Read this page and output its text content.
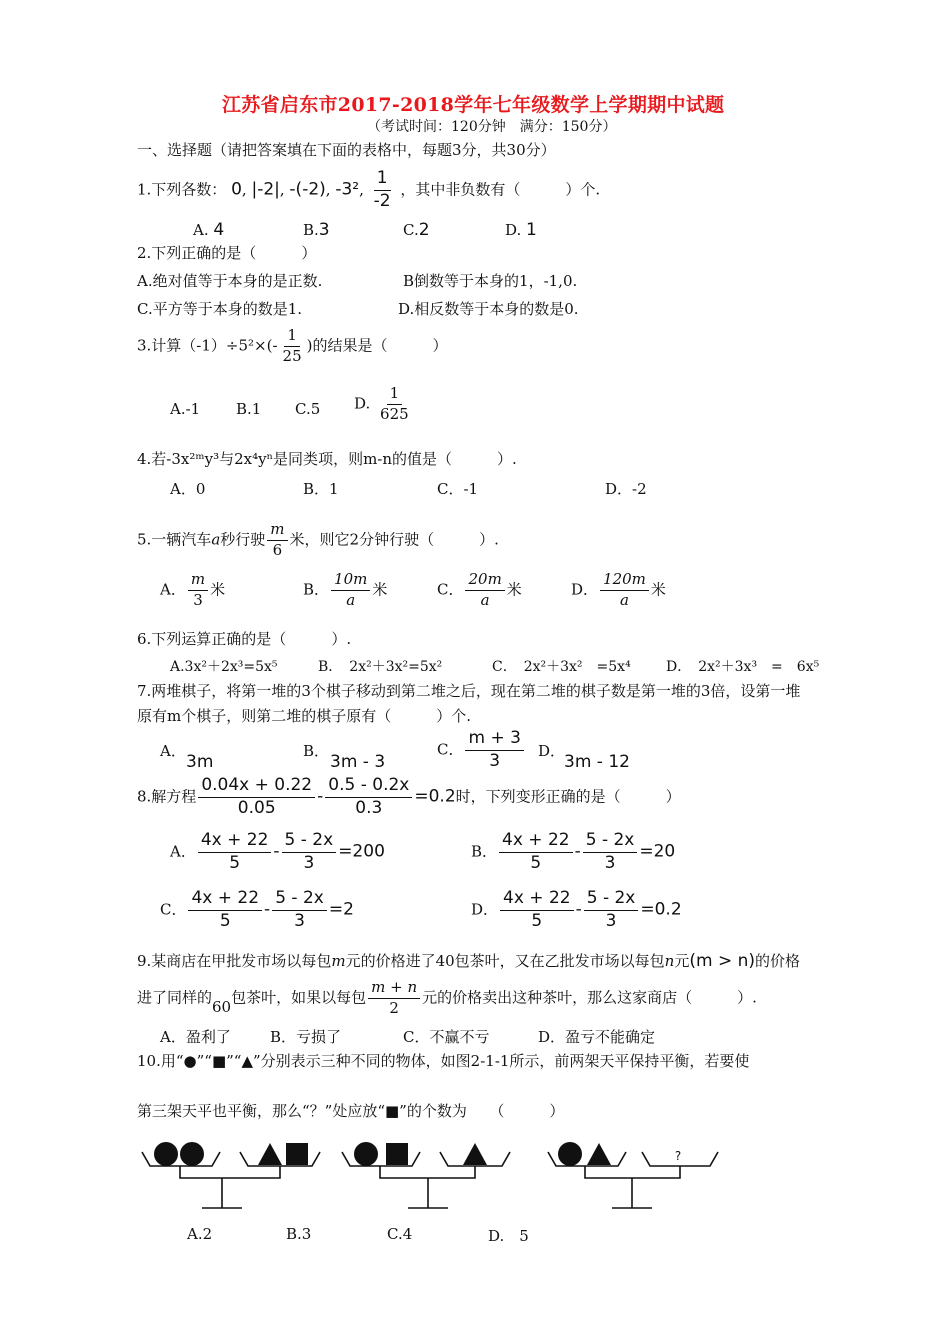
江苏省启东市2017-2018学年七年级数学上学期期中试题
（考试时间：120分钟　满分：150分）
一、选择题（请把答案填在下面的表格中，每题3分，共30分）
1.下列各数： 0, |-2|, -(-2), -3², $\frac{1}{-2}$ ，其中非负数有（　　　）个.
A. 4	B.3	C.2	D. 1
2.下列正确的是（　　　）
A.绝对值等于本身的是正数.	B倒数等于本身的1，-1,0.
C.平方等于本身的数是1.	D.相反数等于本身的数是0.
3.计算$(-1)\div 5^2\times(- \frac{1}{25}$ )的结果是（　　　）
A.-1 B.1 C.5 D. $\frac{1}{625}$
4.若-3x²ᵐy³与2x⁴yⁿ是同类项，则m-n的值是（　　　）.
A．0	B．1	C．-1	D．-2
5.一辆汽车a秒行驶 $\frac{m}{6}$ 米，则它2分钟行驶（　　　）.
A． $\frac{m}{3}$ 米	B． $\frac{10m}{a}$ 米	C． $\frac{20m}{a}$ 米	D． $\frac{120m}{a}$ 米
6.下列运算正确的是（　　　）.
A.3x²＋2x³=5x⁵	B．　2x²＋3x²=5x²	C．　2x²＋3x²　=5x⁴	D．　2x²＋3x³　=　6x⁵
7.两堆棋子，将第一堆的3个棋子移动到第二堆之后，现在第二堆的棋子数是第一堆的3倍，设第一堆
原有m个棋子，则第二堆的棋子原有（　　　）个.
A．
3m
B．
3m - 3
C． $\frac{m + 3}{3}$ D．
3m - 12
8.解方程 $\frac{0.04x + 0.22}{0.05} - \frac{0.5 - 0.2x}{0.3} =0.2$时，下列变形正确的是（　　　）
A． $\frac{4x + 22}{5} - \frac{5 - 2x}{3} =200$	B． $\frac{4x + 22}{5} - \frac{5 - 2x}{3} =20$
C． $\frac{4x + 22}{5} - \frac{5 - 2x}{3} =2$	D． $\frac{4x + 22}{5} - \frac{5 - 2x}{3} =0.2$
9.某商店在甲批发市场以每包m元的价格进了40包茶叶，又在乙批发市场以每包n元(m > n)的价格
进了同样的60包茶叶，如果以每包 $\frac{m + n}{2}$ 元的价格卖出这种茶叶，那么这家商店（　　　）.
A．盈利了	B．亏损了	C．不赢不亏	D．盈亏不能确定
10.用“●”“■”“▲”分别表示三种不同的物体，如图2-1-1所示，前两架天平保持平衡，若要使
第三架天平也平衡，那么“？”处应放“■”的个数为　　（　　　）
?
A.2	B.3	C.4	D.　5
